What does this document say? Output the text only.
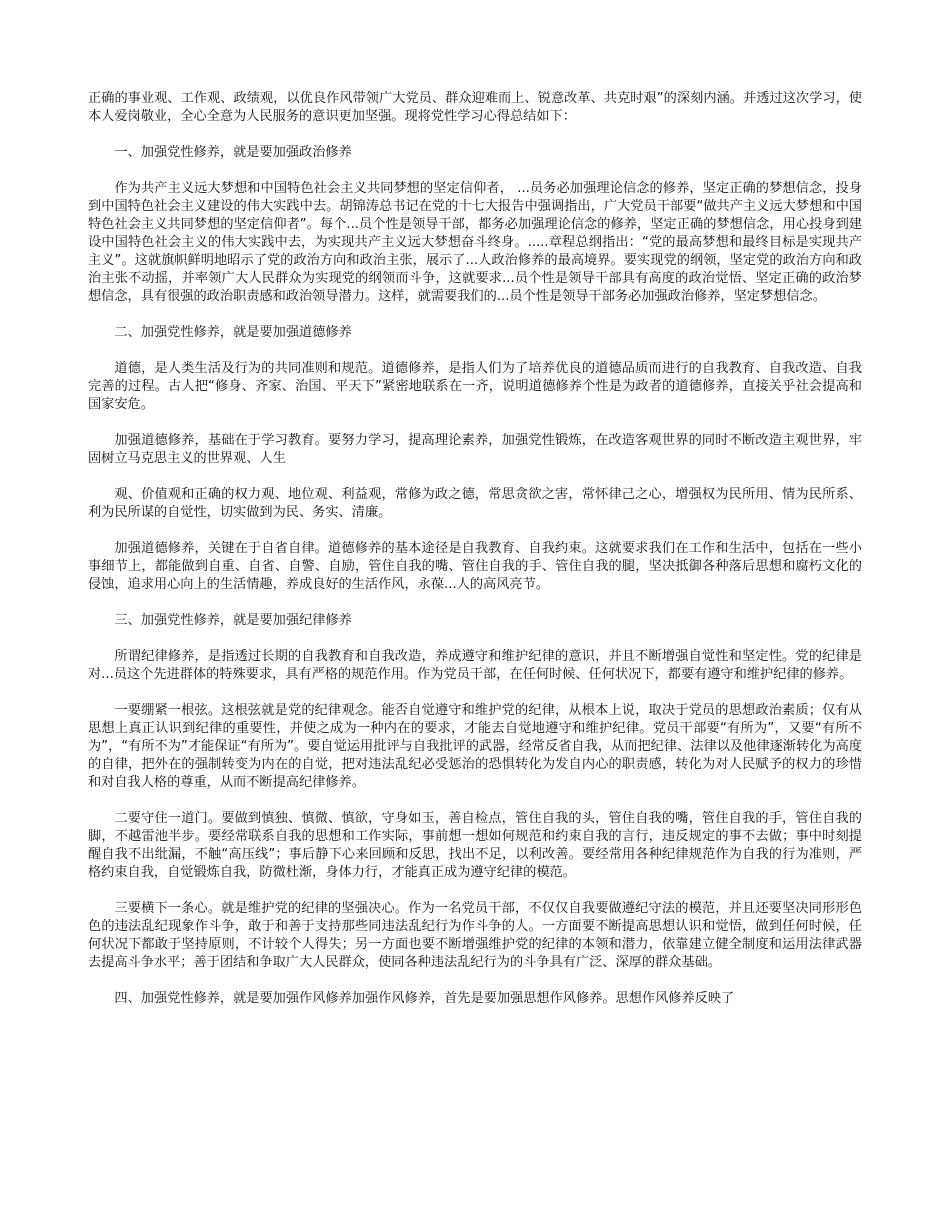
正确的事业观、工作观、政绩观，以优良作风带领广大党员、群众迎难而上、锐意改革、共克时艰”的深刻内涵。并透过这次学习，使本人爱岗敬业，全心全意为人民服务的意识更加坚强。现将党性学习心得总结如下：

一、加强党性修养，就是要加强政治修养

作为共产主义远大梦想和中国特色社会主义共同梦想的坚定信仰者， ...员务必加强理论信念的修养，坚定正确的梦想信念，投身到中国特色社会主义建设的伟大实践中去。胡锦涛总书记在党的十七大报告中强调指出，广大党员干部要“做共产主义远大梦想和中国特色社会主义共同梦想的坚定信仰者”。每个...员个性是领导干部，都务必加强理论信念的修养，坚定正确的梦想信念，用心投身到建设中国特色社会主义的伟大实践中去，为实现共产主义远大梦想奋斗终身。.....章程总纲指出：“党的最高梦想和最终目标是实现共产主义”。这就旗帜鲜明地昭示了党的政治方向和政治主张，展示了...人政治修养的最高境界。要实现党的纲领，坚定党的政治方向和政治主张不动摇，并率领广大人民群众为实现党的纲领而斗争，这就要求...员个性是领导干部具有高度的政治觉悟、坚定正确的政治梦想信念，具有很强的政治职责感和政治领导潜力。这样，就需要我们的...员个性是领导干部务必加强政治修养，坚定梦想信念。

二、加强党性修养，就是要加强道德修养

道德，是人类生活及行为的共同准则和规范。道德修养，是指人们为了培养优良的道德品质而进行的自我教育、自我改造、自我完善的过程。古人把“修身、齐家、治国、平天下”紧密地联系在一齐，说明道德修养个性是为政者的道德修养，直接关乎社会提高和国家安危。

加强道德修养，基础在于学习教育。要努力学习，提高理论素养，加强党性锻炼，在改造客观世界的同时不断改造主观世界，牢固树立马克思主义的世界观、人生

观、价值观和正确的权力观、地位观、利益观，常修为政之德，常思贪欲之害，常怀律己之心，增强权为民所用、情为民所系、利为民所谋的自觉性，切实做到为民、务实、清廉。

加强道德修养，关键在于自省自律。道德修养的基本途径是自我教育、自我约束。这就要求我们在工作和生活中，包括在一些小事细节上，都能做到自重、自省、自警、自励，管住自我的嘴、管住自我的手、管住自我的腿，坚决抵御各种落后思想和腐朽文化的侵蚀，追求用心向上的生活情趣，养成良好的生活作风，永葆...人的高风亮节。

三、加强党性修养，就是要加强纪律修养

所谓纪律修养，是指透过长期的自我教育和自我改造，养成遵守和维护纪律的意识，并且不断增强自觉性和坚定性。党的纪律是对...员这个先进群体的特殊要求，具有严格的规范作用。作为党员干部，在任何时候、任何状况下，都要有遵守和维护纪律的修养。

一要绷紧一根弦。这根弦就是党的纪律观念。能否自觉遵守和维护党的纪律，从根本上说，取决于党员的思想政治素质；仅有从思想上真正认识到纪律的重要性，并使之成为一种内在的要求，才能去自觉地遵守和维护纪律。党员干部要“有所为”，又要“有所不为”，“有所不为”才能保证“有所为”。要自觉运用批评与自我批评的武器，经常反省自我，从而把纪律、法律以及他律逐渐转化为高度的自律，把外在的强制转变为内在的自觉，把对违法乱纪必受惩治的恐惧转化为发自内心的职责感，转化为对人民赋予的权力的珍惜和对自我人格的尊重，从而不断提高纪律修养。

二要守住一道门。要做到慎独、慎微、慎欲，守身如玉，善自检点，管住自我的头，管住自我的嘴，管住自我的手，管住自我的脚，不越雷池半步。要经常联系自我的思想和工作实际，事前想一想如何规范和约束自我的言行，违反规定的事不去做；事中时刻提醒自我不出纰漏，不触“高压线”；事后静下心来回顾和反思，找出不足，以利改善。要经常用各种纪律规范作为自我的行为准则，严格约束自我，自觉锻炼自我，防微杜渐，身体力行，才能真正成为遵守纪律的模范。

三要横下一条心。就是维护党的纪律的坚强决心。作为一名党员干部，不仅仅自我要做遵纪守法的模范，并且还要坚决同形形色色的违法乱纪现象作斗争，敢于和善于支持那些同违法乱纪行为作斗争的人。一方面要不断提高思想认识和觉悟，做到任何时候，任何状况下都敢于坚持原则，不计较个人得失；另一方面也要不断增强维护党的纪律的本领和潜力，依靠建立健全制度和运用法律武器去提高斗争水平；善于团结和争取广大人民群众，使同各种违法乱纪行为的斗争具有广泛、深厚的群众基础。

四、加强党性修养，就是要加强作风修养加强作风修养，首先是要加强思想作风修养。思想作风修养反映了
